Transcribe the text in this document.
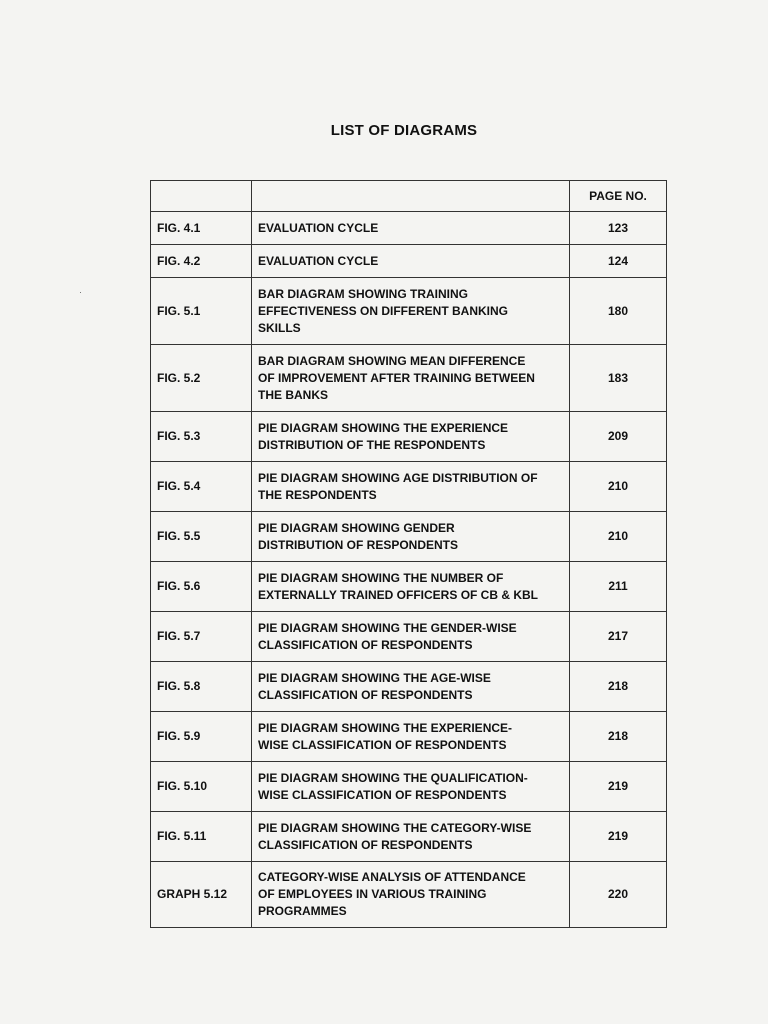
LIST OF DIAGRAMS
		PAGE NO.
FIG. 4.1	EVALUATION CYCLE	123
FIG. 4.2	EVALUATION CYCLE	124
FIG. 5.1	BAR DIAGRAM SHOWING TRAINING
EFFECTIVENESS ON DIFFERENT BANKING
SKILLS	180
FIG. 5.2	BAR DIAGRAM SHOWING MEAN DIFFERENCE
OF IMPROVEMENT AFTER TRAINING BETWEEN
THE BANKS	183
FIG. 5.3	PIE DIAGRAM SHOWING THE EXPERIENCE
DISTRIBUTION OF THE RESPONDENTS	209
FIG. 5.4	PIE DIAGRAM SHOWING AGE DISTRIBUTION OF
THE RESPONDENTS	210
FIG. 5.5	PIE DIAGRAM SHOWING GENDER
DISTRIBUTION OF RESPONDENTS	210
FIG. 5.6	PIE DIAGRAM SHOWING THE NUMBER OF
EXTERNALLY TRAINED OFFICERS OF CB & KBL	211
FIG. 5.7	PIE DIAGRAM SHOWING THE GENDER-WISE
CLASSIFICATION OF RESPONDENTS	217
FIG. 5.8	PIE DIAGRAM SHOWING THE AGE-WISE
CLASSIFICATION OF RESPONDENTS	218
FIG. 5.9	PIE DIAGRAM SHOWING THE EXPERIENCE-
WISE CLASSIFICATION OF RESPONDENTS	218
FIG. 5.10	PIE DIAGRAM SHOWING THE QUALIFICATION-
WISE CLASSIFICATION OF RESPONDENTS	219
FIG. 5.11	PIE DIAGRAM SHOWING THE CATEGORY-WISE
CLASSIFICATION OF RESPONDENTS	219
GRAPH 5.12	CATEGORY-WISE ANALYSIS OF ATTENDANCE
OF EMPLOYEES IN VARIOUS TRAINING
PROGRAMMES	220
